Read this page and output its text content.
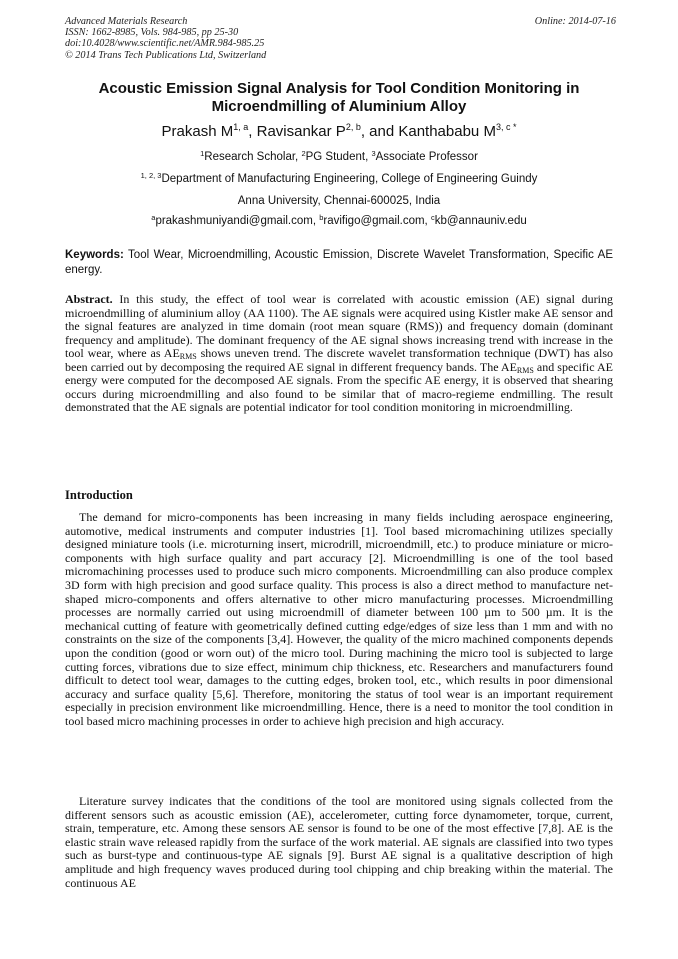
Advanced Materials Research
ISSN: 1662-8985, Vols. 984-985, pp 25-30
doi:10.4028/www.scientific.net/AMR.984-985.25
© 2014 Trans Tech Publications Ltd, Switzerland
Online: 2014-07-16
Acoustic Emission Signal Analysis for Tool Condition Monitoring in
Microendmilling of Aluminium Alloy
Prakash M$^{1, a}$, Ravisankar P$^{2, b}$, and Kanthababu $M^{3, c *}$
$^1$Research Scholar, $^2$PG Student, $^3$Associate Professor
$^{1, 2, 3}$Department of Manufacturing Engineering, College of Engineering Guindy
Anna University, Chennai-600025, India
$^a$prakashmuniyandi@gmail.com, $^b$ravifigo@gmail.com, $^c$kb@annauniv.edu
Keywords: Tool Wear, Microendmilling, Acoustic Emission, Discrete Wavelet Transformation, Specific AE energy.
Abstract. In this study, the effect of tool wear is correlated with acoustic emission (AE) signal during microendmilling of aluminium alloy (AA 1100). The AE signals were acquired using Kistler make AE sensor and the signal features are analyzed in time domain (root mean square (RMS)) and frequency domain (dominant frequency and amplitude). The dominant frequency of the AE signal shows increasing trend with increase in the tool wear, where as $AE_{RMS}$ shows uneven trend. The discrete wavelet transformation technique (DWT) has also been carried out by decomposing the required AE signal in different frequency bands. The $AE_{RMS}$ and specific AE energy were computed for the decomposed AE signals. From the specific AE energy, it is observed that shearing occurs during microendmilling and also found to be similar that of macro-regieme endmilling. The result demonstrated that the AE signals are potential indicator for tool condition monitoring in microendmilling.
Introduction
The demand for micro-components has been increasing in many fields including aerospace engineering, automotive, medical instruments and computer industries [1]. Tool based micromachining utilizes specially designed miniature tools (i.e. microturning insert, microdrill, microendmill, etc.) to produce miniature or micro-components with high surface quality and part accuracy [2]. Microendmilling is one of the tool based micromachining processes used to produce such micro components. Microendmilling can also produce complex 3D form with high precision and good surface quality. This process is also a direct method to manufacture net-shaped micro-components and offers alternative to other micro manufacturing processes. Microendmilling processes are normally carried out using microendmill of diameter between 100 µm to 500 µm. It is the mechanical cutting of feature with geometrically defined cutting edge/edges of size less than 1 mm and with no constraints on the size of the components [3,4]. However, the quality of the micro machined components depends upon the condition (good or worn out) of the micro tool. During machining the micro tool is subjected to large cutting forces, vibrations due to size effect, minimum chip thickness, etc. Researchers and manufacturers found difficult to detect tool wear, damages to the cutting edges, broken tool, etc., which results in poor dimensional accuracy and surface quality [5,6]. Therefore, monitoring the status of tool wear is an important requirement especially in precision environment like microendmilling. Hence, there is a need to monitor the tool condition in tool based micro machining processes in order to achieve high precision and high accuracy.
Literature survey indicates that the conditions of the tool are monitored using signals collected from the different sensors such as acoustic emission (AE), accelerometer, cutting force dynamometer, torque, current, strain, temperature, etc. Among these sensors AE sensor is found to be one of the most effective [7,8]. AE is the elastic strain wave released rapidly from the surface of the work material. AE signals are classified into two types such as burst-type and continuous-type AE signals [9]. Burst AE signal is a qualitative description of high amplitude and high frequency waves produced during tool chipping and chip breaking within the material. The continuous AE
